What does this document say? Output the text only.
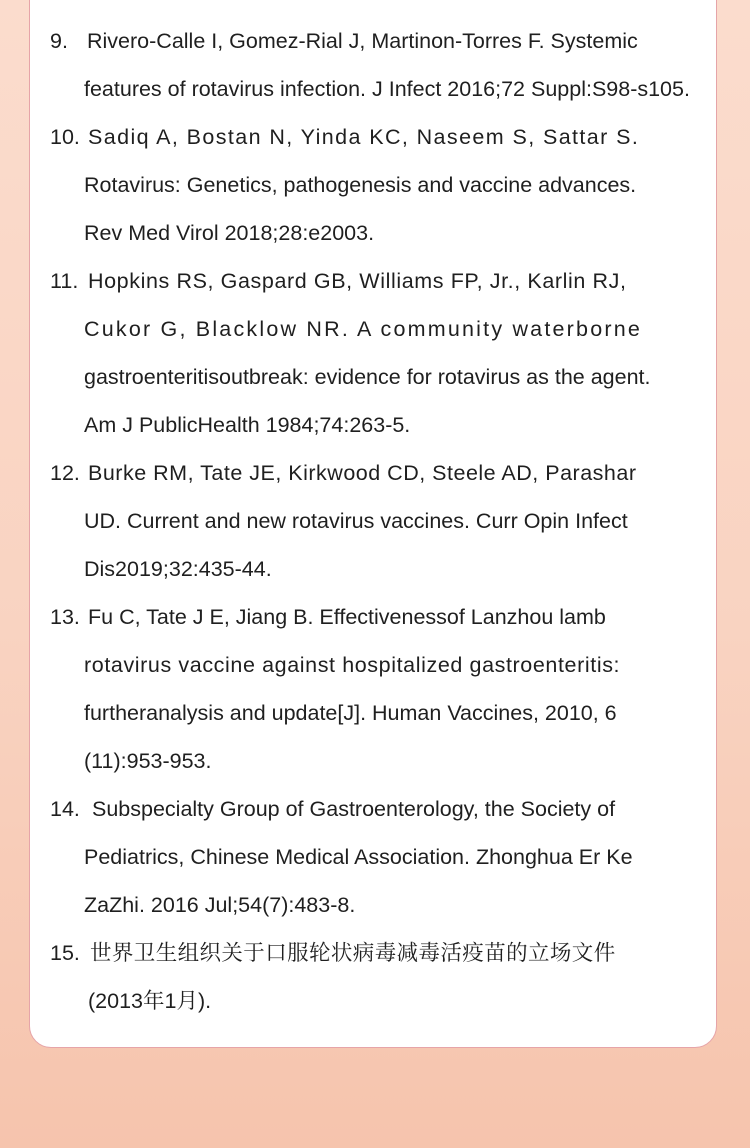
9. Rivero-Calle I, Gomez-Rial J, Martinon-Torres F. Systemic
features of rotavirus infection. J Infect 2016;72 Suppl:S98-s105.
10. Sadiq A, Bostan N, Yinda KC, Naseem S, Sattar S.
Rotavirus: Genetics, pathogenesis and vaccine advances.
Rev Med Virol 2018;28:e2003.
11. Hopkins RS, Gaspard GB, Williams FP, Jr., Karlin RJ,
Cukor G, Blacklow NR. A community waterborne
gastroenteritisoutbreak: evidence for rotavirus as the agent.
Am J PublicHealth 1984;74:263-5.
12. Burke RM, Tate JE, Kirkwood CD, Steele AD, Parashar
UD. Current and new rotavirus vaccines. Curr Opin Infect
Dis2019;32:435-44.
13. Fu C, Tate J E, Jiang B. Effectivenessof Lanzhou lamb
rotavirus vaccine against hospitalized gastroenteritis:
furtheranalysis and update[J]. Human Vaccines, 2010, 6
(11):953-953.
14. Subspecialty Group of Gastroenterology, the Society of
Pediatrics, Chinese Medical Association. Zhonghua Er Ke
ZaZhi. 2016 Jul;54(7):483-8.
15. 世界卫生组织关于口服轮状病毒减毒活疫苗的立场文件
(2013年1月).
